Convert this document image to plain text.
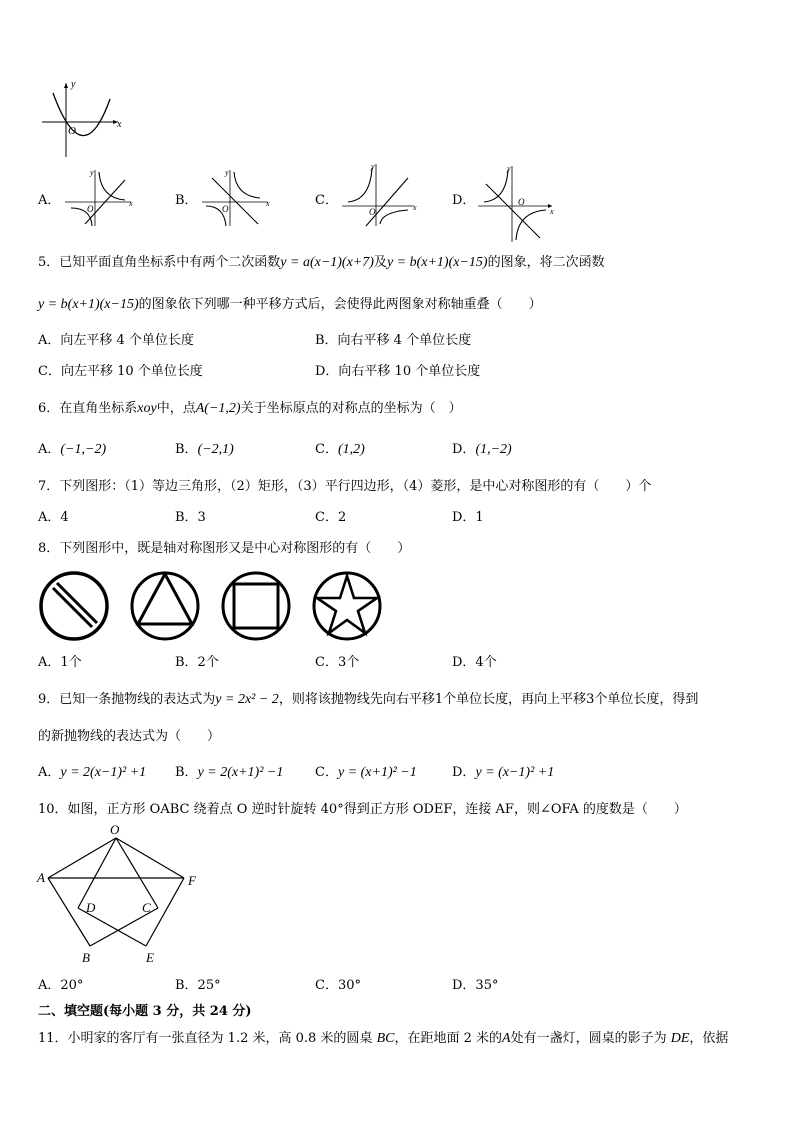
y
x
O
A．
y
x
O
B．
y
x
O
C．
y
x
O
D．
y
x
O
5．已知平面直角坐标系中有两个二次函数y = a(x−1)(x+7)及y = b(x+1)(x−15)的图象，将二次函数
y = b(x+1)(x−15)的图象依下列哪一种平移方式后，会使得此两图象对称轴重叠（　　）
A．向左平移 4 个单位长度	B．向右平移 4 个单位长度
C．向左平移 10 个单位长度	D．向右平移 10 个单位长度
6．在直角坐标系xoy中，点A(−1,2)关于坐标原点的对称点的坐标为（　）
A．(−1,−2)	B．(−2,1)	C．(1,2)	D．(1,−2)
7．下列图形：（1）等边三角形，（2）矩形，（3）平行四边形，（4）菱形，是中心对称图形的有（　　）个
A．4	B．3	C．2	D．1
8．下列图形中，既是轴对称图形又是中心对称图形的有（　　）
A．1个	B．2个	C．3个	D．4个
9．已知一条抛物线的表达式为y = 2x² − 2，则将该抛物线先向右平移1个单位长度，再向上平移3个单位长度，得到
的新抛物线的表达式为（　　）
A．y = 2(x−1)² +1 B．y = 2(x+1)² −1 C．y = (x+1)² −1	D．y = (x−1)² +1
10．如图，正方形 OABC 绕着点 O 逆时针旋转 40°得到正方形 ODEF，连接 AF，则∠OFA 的度数是（　　）
O
A	F
D	C
B	E
A．20°	B．25°	C．30°	D．35°
二、填空题(每小题 3 分，共 24 分)
11．小明家的客厅有一张直径为 1.2 米，高 0.8 米的圆桌 BC，在距地面 2 米的A处有一盏灯，圆桌的影子为 DE，依据
